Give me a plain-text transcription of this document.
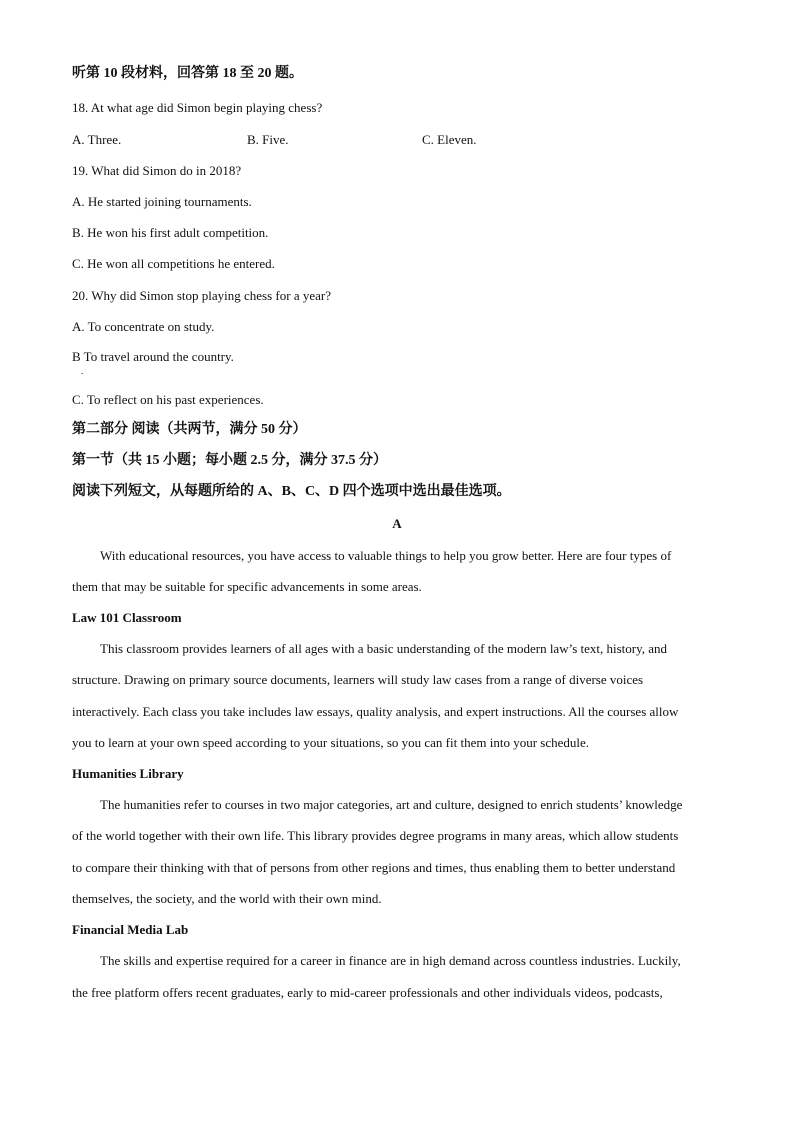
听第 10 段材料，回答第 18 至 20 题。
18. At what age did Simon begin playing chess?
A. Three.	B. Five.	C. Eleven.
19. What did Simon do in 2018?
A. He started joining tournaments.
B. He won his first adult competition.
C. He won all competitions he entered.
20. Why did Simon stop playing chess for a year?
A. To concentrate on study.
B To travel around the country.
.
C. To reflect on his past experiences.
第二部分 阅读（共两节，满分 50 分）
第一节（共 15 小题；每小题 2.5 分，满分 37.5 分）
阅读下列短文，从每题所给的 A、B、C、D 四个选项中选出最佳选项。
A
With educational resources, you have access to valuable things to help you grow better. Here are four types of
them that may be suitable for specific advancements in some areas.
Law 101 Classroom
This classroom provides learners of all ages with a basic understanding of the modern law’s text, history, and
structure. Drawing on primary source documents, learners will study law cases from a range of diverse voices
interactively. Each class you take includes law essays, quality analysis, and expert instructions. All the courses allow
you to learn at your own speed according to your situations, so you can fit them into your schedule.
Humanities Library
The humanities refer to courses in two major categories, art and culture, designed to enrich students’ knowledge
of the world together with their own life. This library provides degree programs in many areas, which allow students
to compare their thinking with that of persons from other regions and times, thus enabling them to better understand
themselves, the society, and the world with their own mind.
Financial Media Lab
The skills and expertise required for a career in finance are in high demand across countless industries. Luckily,
the free platform offers recent graduates, early to mid-career professionals and other individuals videos, podcasts,
